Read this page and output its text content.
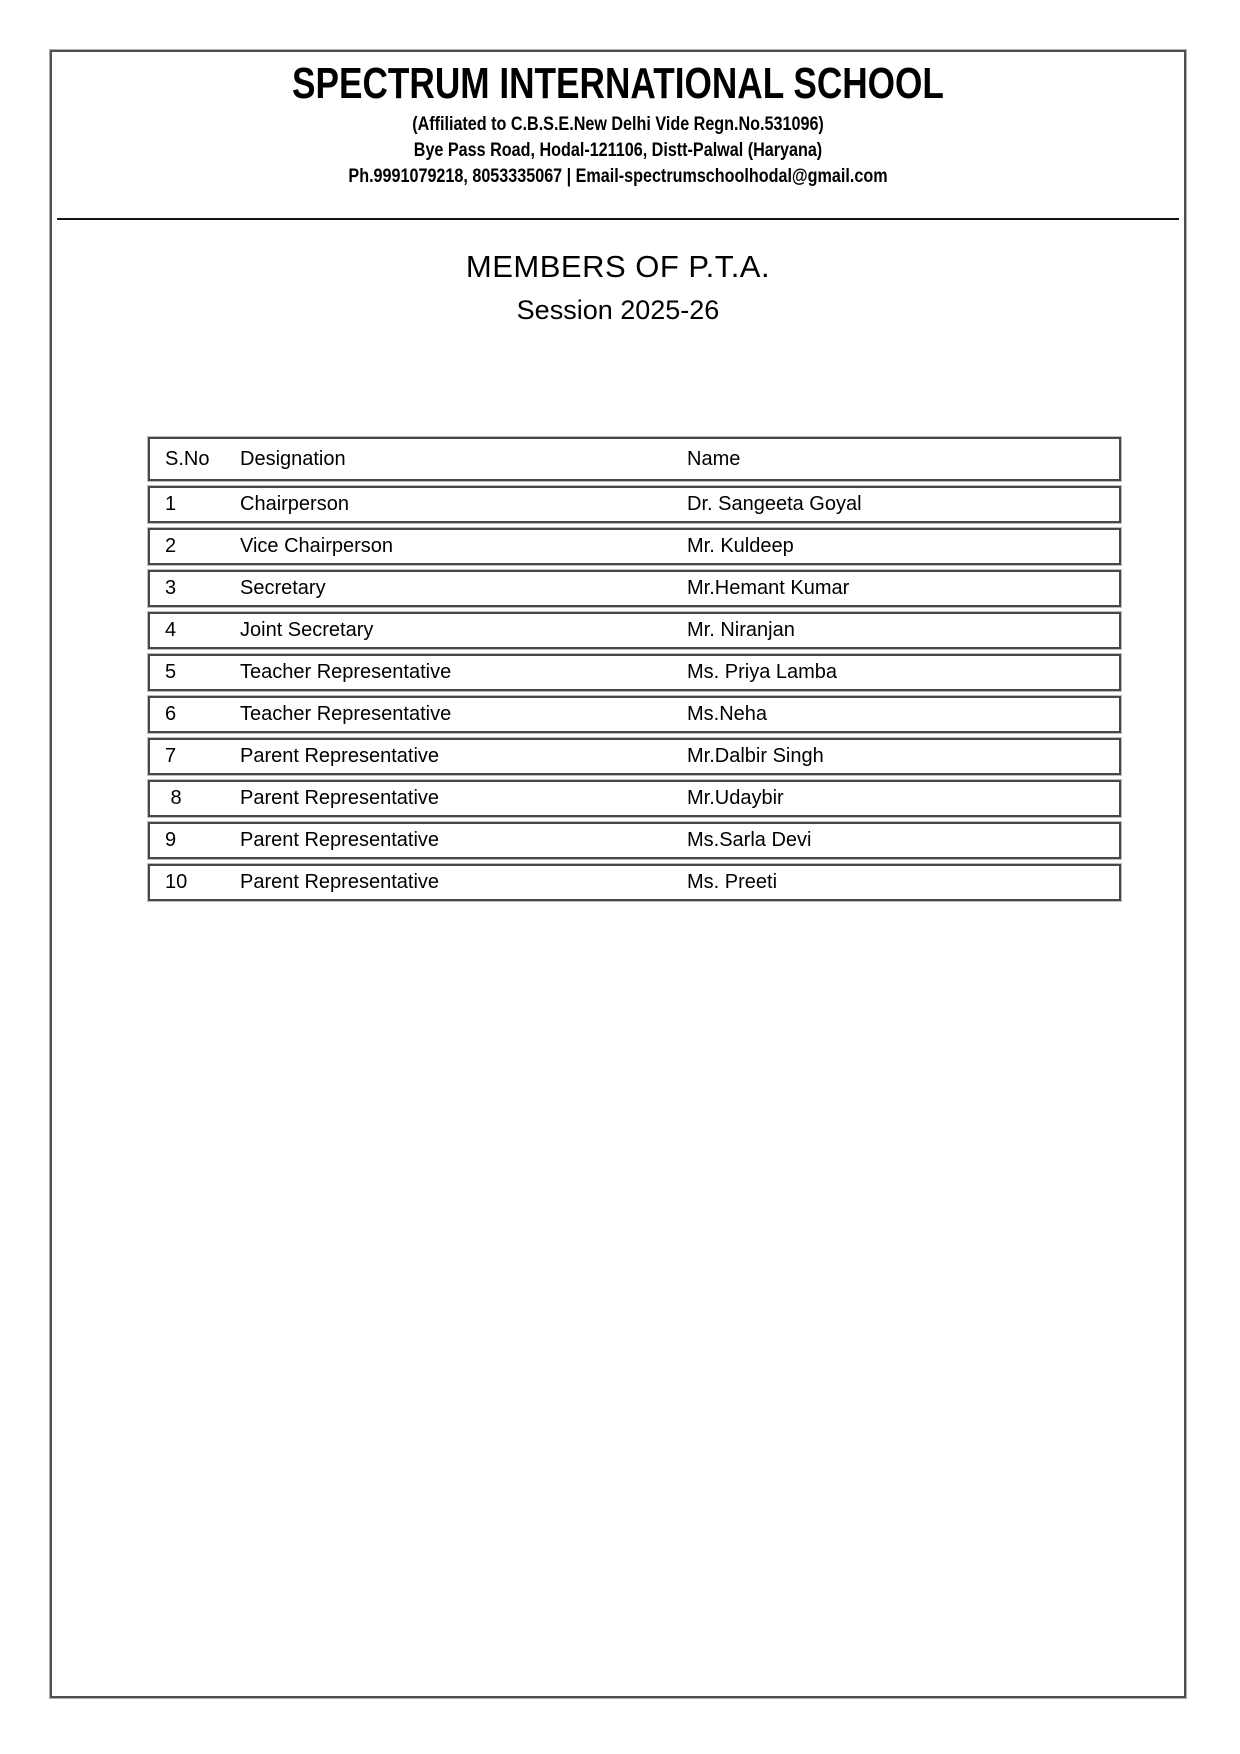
SPECTRUM INTERNATIONAL SCHOOL
(Affiliated to C.B.S.E.New Delhi Vide Regn.No.531096)
Bye Pass Road, Hodal-121106, Distt-Palwal (Haryana)
Ph.9991079218, 8053335067 | Email-spectrumschoolhodal@gmail.com
MEMBERS OF P.T.A.
Session 2025-26
S.No	Designation	Name
1	Chairperson	Dr. Sangeeta Goyal
2	Vice Chairperson	Mr. Kuldeep
3	Secretary	Mr.Hemant Kumar
4	Joint Secretary	Mr. Niranjan
5	Teacher Representative	Ms. Priya Lamba
6	Teacher Representative	Ms.Neha
7	Parent Representative	Mr.Dalbir Singh
8	Parent Representative	Mr.Udaybir
9	Parent Representative	Ms.Sarla Devi
10	Parent Representative	Ms. Preeti
